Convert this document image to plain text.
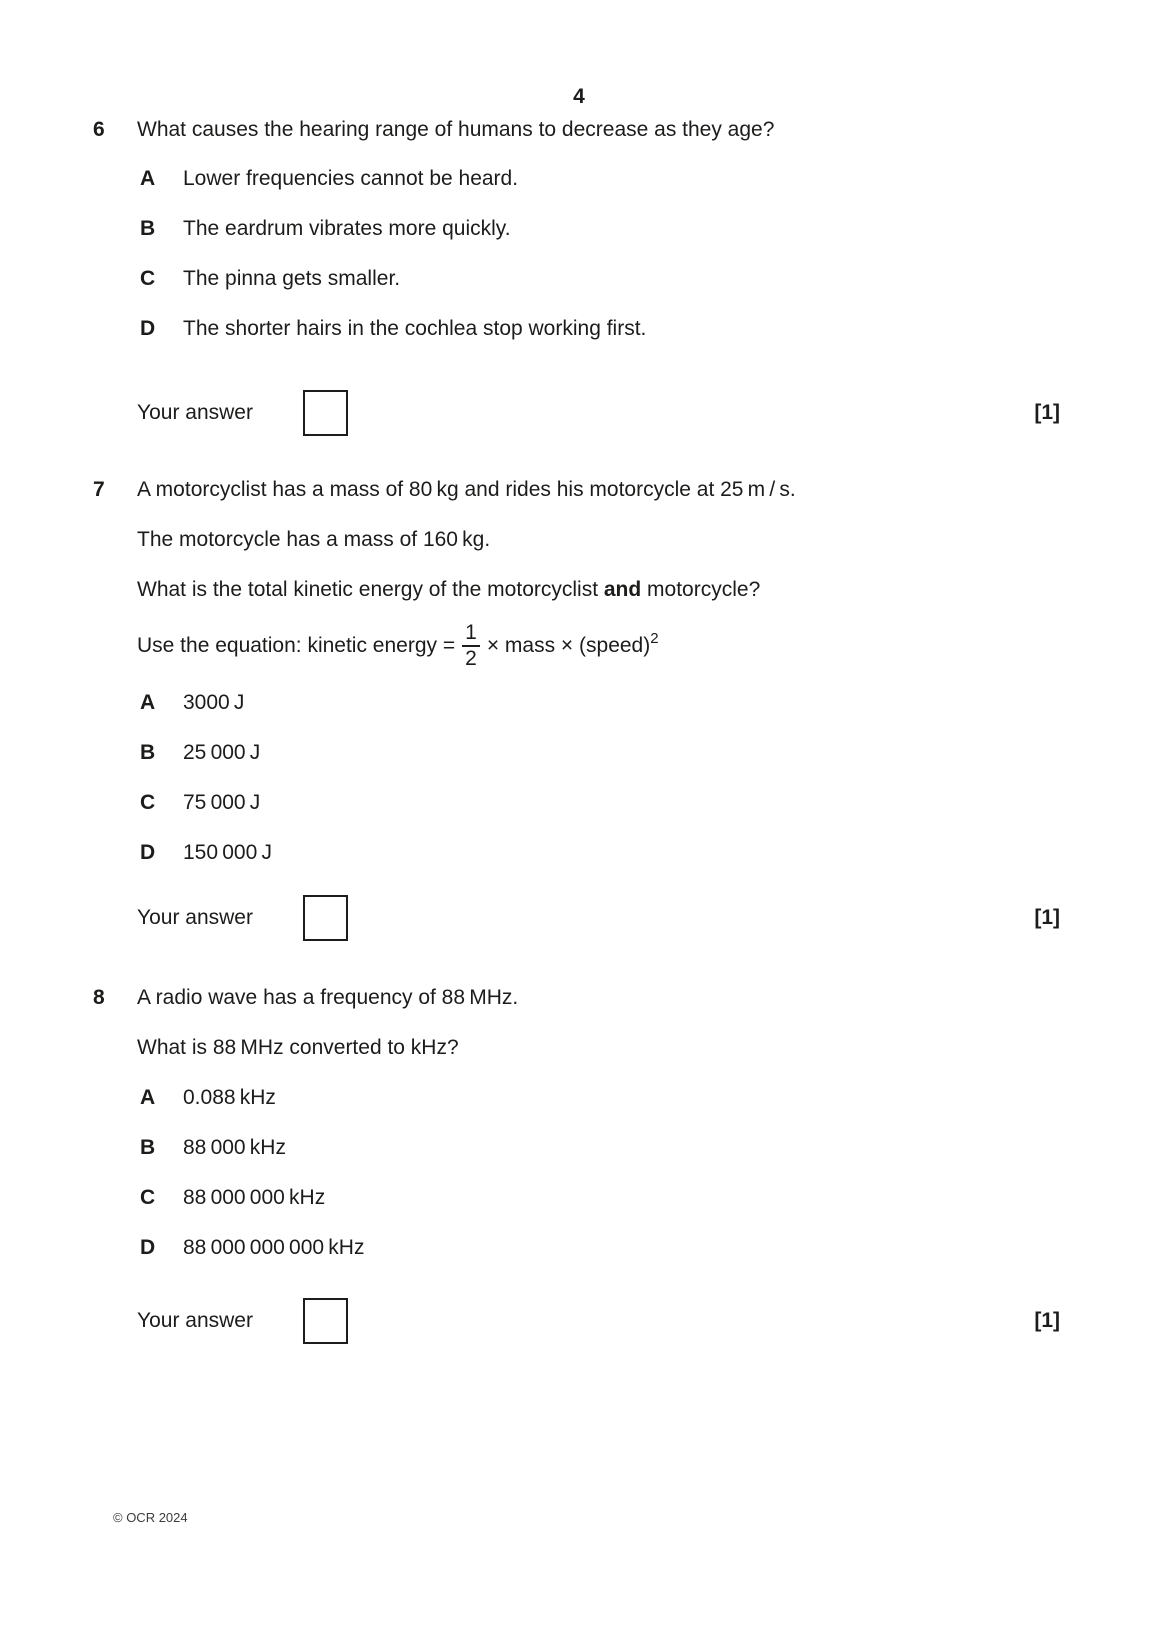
4
6 What causes the hearing range of humans to decrease as they age?
A Lower frequencies cannot be heard.
B The eardrum vibrates more quickly.
C The pinna gets smaller.
D The shorter hairs in the cochlea stop working first.
Your answer	[1]
7 A motorcyclist has a mass of 80 kg and rides his motorcycle at 25 m / s.
The motorcycle has a mass of 160 kg.
What is the total kinetic energy of the motorcyclist and motorcycle?
Use the equation: kinetic energy = $\frac{1}{2}$ × mass × (speed) 2
A 3000 J
B 25 000 J
C 75 000 J
D 150 000 J
Your answer	[1]
8 A radio wave has a frequency of 88 MHz.
What is 88 MHz converted to kHz?
A 0.088 kHz
B 88 000 kHz
C 88 000 000 kHz
D 88 000 000 000 kHz
Your answer	[1]
© OCR 2024
